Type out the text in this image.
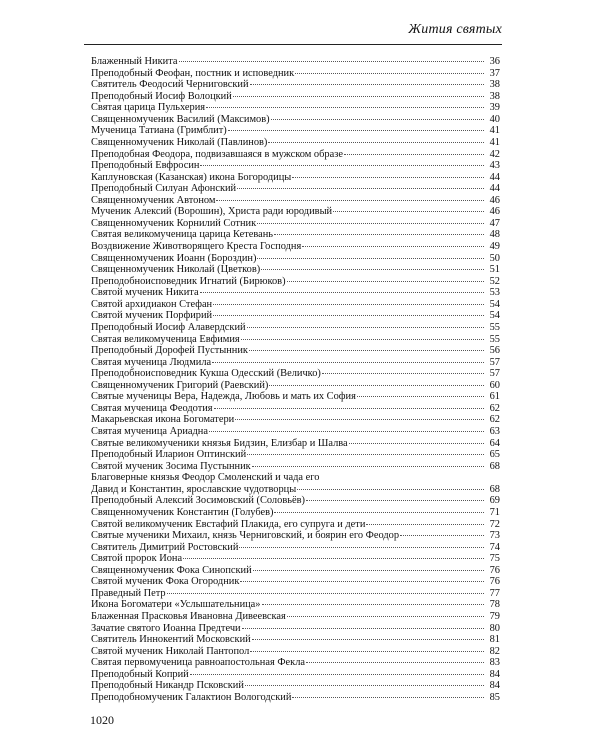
Жития святых
Блаженный Никита	36
Преподобный Феофан, постник и исповедник	37
Святитель Феодосий Черниговский	38
Преподобный Иосиф Волоцкий	38
Святая царица Пульхерия	39
Священномученик Василий (Максимов)	40
Мученица Татиана (Гримблит)	41
Священномученик Николай (Павлинов)	41
Преподобная Феодора, подвизавшаяся в мужском образе	42
Преподобный Евфросин	43
Каплуновская (Казанская) икона Богородицы	44
Преподобный Силуан Афонский	44
Священномученик Автоном	46
Мученик Алексий (Ворошин), Христа ради юродивый	46
Священномученик Корнилий Сотник	47
Святая великомученица царица Кетевань	48
Воздвижение Животворящего Креста Господня	49
Священномученик Иоанн (Бороздин)	50
Священномученик Николай (Цветков)	51
Преподобноисповедник Игнатий (Бирюков)	52
Святой мученик Никита	53
Святой архидиакон Стефан	54
Святой мученик Порфирий	54
Преподобный Иосиф Алавердский	55
Святая великомученица Евфимия	55
Преподобный Дорофей Пустынник	56
Святая мученица Людмила	57
Преподобноисповедник Кукша Одесский (Величко)	57
Священномученик Григорий (Раевский)	60
Святые мученицы Вера, Надежда, Любовь и мать их София	61
Святая мученица Феодотия	62
Макарьевская икона Богоматери	62
Святая мученица Ариадна	63
Святые великомученики князья Бидзин, Елизбар и Шалва	64
Преподобный Иларион Оптинский	65
Святой мученик Зосима Пустынник	68
Благоверные князья Феодор Смоленский и чада его
Давид и Константин, ярославские чудотворцы	68
Преподобный Алексий Зосимовский (Соловьёв)	69
Священномученик Константин (Голубев)	71
Святой великомученик Евстафий Плакида, его супруга и дети	72
Святые мученики Михаил, князь Черниговский, и боярин его Феодор	73
Святитель Димитрий Ростовский	74
Святой пророк Иона	75
Священномученик Фока Синопский	76
Святой мученик Фока Огородник	76
Праведный Петр	77
Икона Богоматери «Услышательница»	78
Блаженная Прасковья Ивановна Дивеевская	79
Зачатие святого Иоанна Предтечи	80
Святитель Иннокентий Московский	81
Святой мученик Николай Пантопол	82
Святая первомученица равноапостольная Фекла	83
Преподобный Коприй	84
Преподобный Никандр Псковский	84
Преподобномученик Галактион Вологодский	85
1020
